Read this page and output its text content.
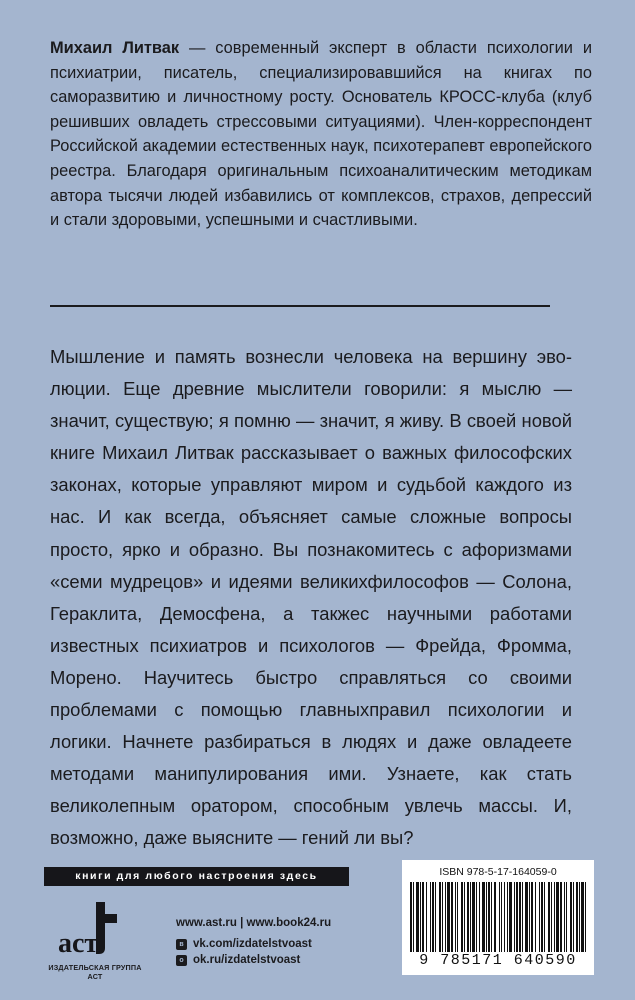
Михаил Литвак — современный эксперт в области психологии и психиатрии, писатель, специализировавшийся на книгах по саморазвитию и личностному росту. Основатель КРОСС-клуба (клуб решивших овладеть стрессовыми ситуациями). Член-корреспондент Российской академии естественных наук, психотерапевт европейского реестра. Благодаря оригинальным психоаналитическим методикам автора тысячи людей избавились от комплексов, страхов, депрессий и стали здоровыми, успешными и счастливыми.
Мышление и память вознесли человека на вершину эволюции. Еще древние мыслители говорили: я мыслю — значит, существую; я помню — значит, я живу. В своей новой книге Михаил Литвак рассказывает о важных философских законах, которые управляют миром и судьбой каждого из нас. И как всегда, объясняет самые сложные вопросы просто, ярко и образно. Вы познакомитесь с афоризмами «семи мудрецов» и идеями великихфилософов — Солона, Гераклита, Демосфена, а такжес научными работами известных психиатров и психологов — Фрейда, Фромма, Морено. Научитесь быстро справляться со своими проблемами с помощью главныхправил психологии и логики. Начнете разбираться в людях и даже овладеете методами манипулирования ими. Узнаете, как стать великолепным оратором, способным увлечь массы. И, возможно, даже выясните — гений ли вы?
книги для любого настроения здесь
аст
ИЗДАТЕЛЬСКАЯ ГРУППА АСТ
www.ast.ru | www.book24.ru
в vk.com/izdatelstvoast
о ok.ru/izdatelstvoast
ISBN 978-5-17-164059-0
9 785171 640590
